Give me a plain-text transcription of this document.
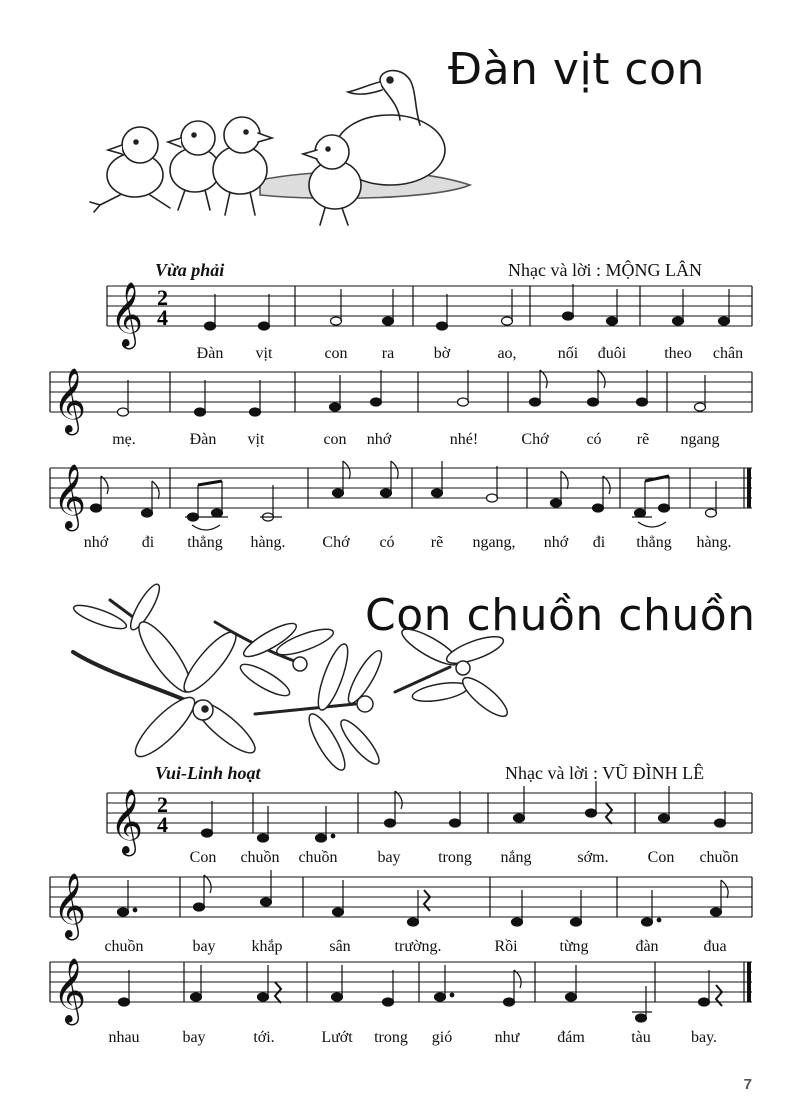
Đàn vịt con
Vừa phải	Nhạc và lời : MỘNG LÂN
𝄞 2
4
Đàn vịt	con ra bờ	ao,	nối đuôi theo chân
𝄞
mẹ.	Đàn vịt	con nhớ	nhé!	Chớ có rẽ ngang
𝄞
nhớ đi thẳng hàng. Chớ có rẽ ngang, nhớ đi thẳng hàng.
Con chuồn chuồn
Vui-Linh hoạt	Nhạc và lời : VŨ ĐÌNH LÊ
𝄞 2
4
Con chuồn chuồn bay trong nắng	sớm. Con chuồn
𝄞
chuồn	bay khắp	sân	trường.	Rồi	từng	đàn	đua
𝄞
nhau	bay	tới.	Lướt trong gió	như đám	tàu	bay.
7
